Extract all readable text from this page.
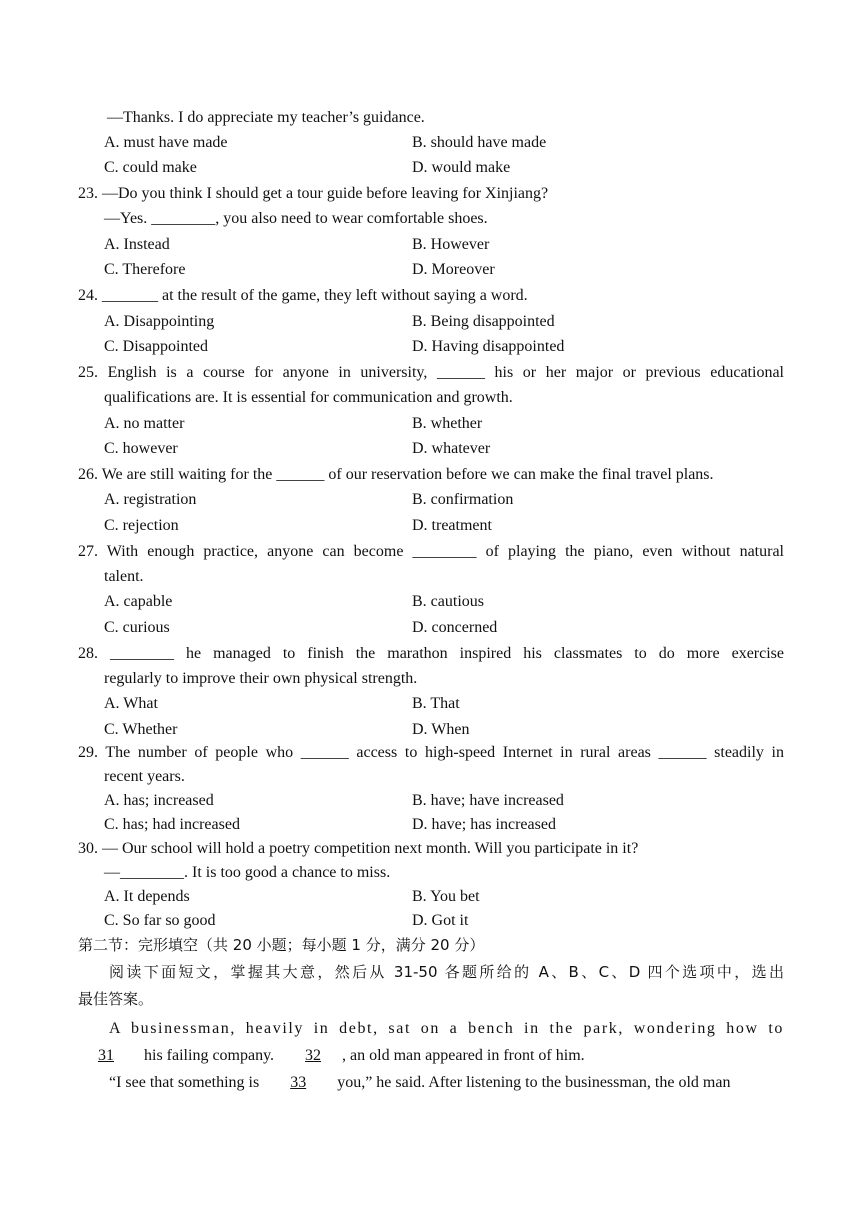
—Thanks. I do appreciate my teacher’s guidance.
A. must have made	B. should have made
C. could make	D. would make
23. —Do you think I should get a tour guide before leaving for Xinjiang?
—Yes. ________, you also need to wear comfortable shoes.
A. Instead	B. However
C. Therefore	D. Moreover
24. _______ at the result of the game, they left without saying a word.
A. Disappointing	B. Being disappointed
C. Disappointed	D. Having disappointed
25. English is a course for anyone in university, ______ his or her major or previous educational
qualifications are. It is essential for communication and growth.
A. no matter	B. whether
C. however	D. whatever
26. We are still waiting for the ______ of our reservation before we can make the final travel plans.
A. registration	B. confirmation
C. rejection	D. treatment
27. With enough practice, anyone can become ________ of playing the piano, even without natural
talent.
A. capable	B. cautious
C. curious	D. concerned
28. ________ he managed to finish the marathon inspired his classmates to do more exercise
regularly to improve their own physical strength.
A. What	B. That
C. Whether	D. When
29. The number of people who ______ access to high-speed Internet in rural areas ______ steadily in
recent years.
A. has; increased	B. have; have increased
C. has; had increased	D. have; has increased
30. — Our school will hold a poetry competition next month. Will you participate in it?
—________. It is too good a chance to miss.
A. It depends	B. You bet
C. So far so good	D. Got it
第二节：完形填空（共 20 小题；每小题 1 分，满分 20 分）
阅读下面短文，掌握其大意，然后从 31-50 各题所给的 A、B、C、D 四个选项中，选出
最佳答案。
A businessman, heavily in debt, sat on a bench in the park, wondering how to
31 his failing company. 32 , an old man appeared in front of him.
“I see that something is 33 you,” he said. After listening to the businessman, the old man
